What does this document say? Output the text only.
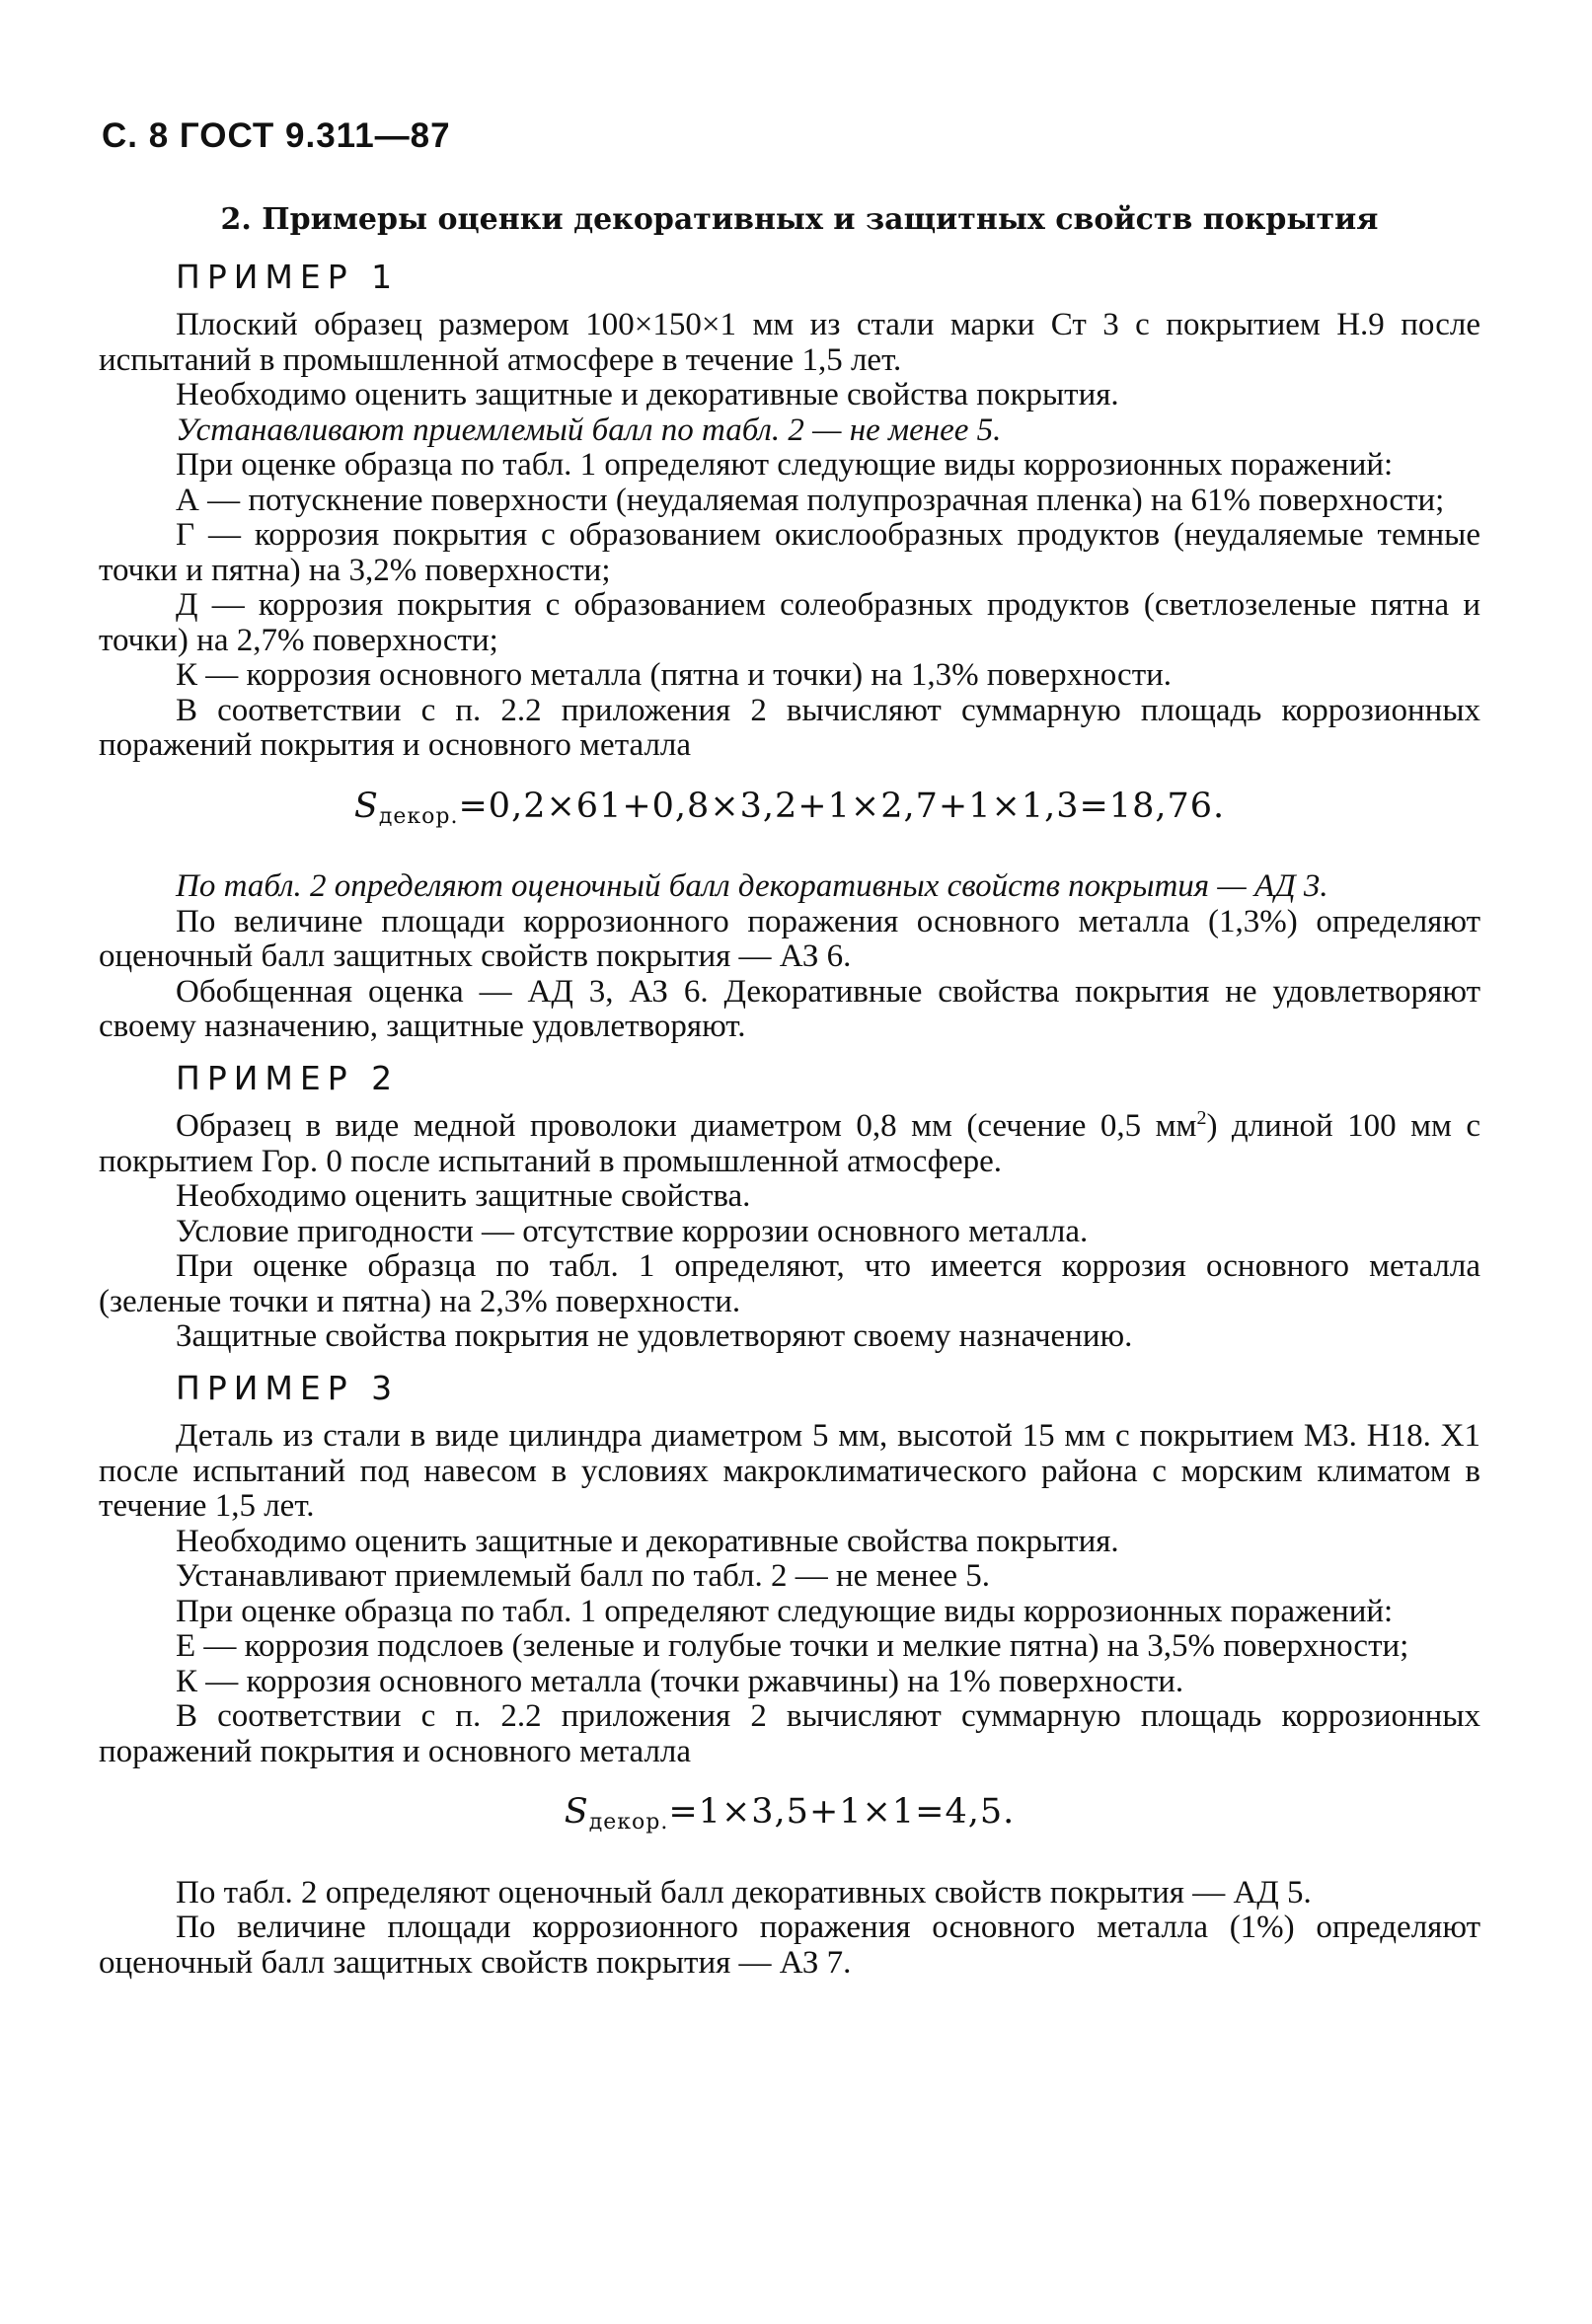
С. 8 ГОСТ 9.311—87
2. Примеры оценки декоративных и защитных свойств покрытия
ПРИМЕР 1

Плоский образец размером 100×150×1 мм из стали марки Ст 3 с покрытием Н.9 после испытаний в промышленной атмосфере в течение 1,5 лет.

Необходимо оценить защитные и декоративные свойства покрытия.

Устанавливают приемлемый балл по табл. 2 — не менее 5.

При оценке образца по табл. 1 определяют следующие виды коррозионных поражений:

А — потускнение поверхности (неудаляемая полупрозрачная пленка) на 61% поверхности;

Г — коррозия покрытия с образованием окислообразных продуктов (неудаляемые темные точки и пятна) на 3,2% поверхности;

Д — коррозия покрытия с образованием солеобразных продуктов (светлозеленые пятна и точки) на 2,7% поверхности;

К — коррозия основного металла (пятна и точки) на 1,3% поверхности.

В соответствии с п. 2.2 приложения 2 вычисляют суммарную площадь коррозионных поражений покрытия и основного металла

$S_{декор.}=0,2\times 61+0,8\times 3,2+1\times 2,7+1\times 1,3=18,76$.

По табл. 2 определяют оценочный балл декоративных свойств покрытия — АД 3.

По величине площади коррозионного поражения основного металла (1,3%) определяют оценочный балл защитных свойств покрытия — АЗ 6.

Обобщенная оценка — АД 3, АЗ 6. Декоративные свойства покрытия не удовлетворяют своему назначению, защитные удовлетворяют.

ПРИМЕР 2

Образец в виде медной проволоки диаметром 0,8 мм (сечение 0,5 $мм^2$) длиной 100 мм с покрытием Гор. 0 после испытаний в промышленной атмосфере.

Необходимо оценить защитные свойства.

Условие пригодности — отсутствие коррозии основного металла.

При оценке образца по табл. 1 определяют, что имеется коррозия основного металла (зеленые точки и пятна) на 2,3% поверхности.

Защитные свойства покрытия не удовлетворяют своему назначению.

ПРИМЕР 3

Деталь из стали в виде цилиндра диаметром 5 мм, высотой 15 мм с покрытием М3. Н18. Х1 после испытаний под навесом в условиях макроклиматического района с морским климатом в течение 1,5 лет.

Необходимо оценить защитные и декоративные свойства покрытия.

Устанавливают приемлемый балл по табл. 2 — не менее 5.

При оценке образца по табл. 1 определяют следующие виды коррозионных поражений:

Е — коррозия подслоев (зеленые и голубые точки и мелкие пятна) на 3,5% поверхности;

К — коррозия основного металла (точки ржавчины) на 1% поверхности.

В соответствии с п. 2.2 приложения 2 вычисляют суммарную площадь коррозионных поражений покрытия и основного металла

$S_{декор.}=1\times 3,5+1\times 1=4,5$.

По табл. 2 определяют оценочный балл декоративных свойств покрытия — АД 5.

По величине площади коррозионного поражения основного металла (1%) определяют оценочный балл защитных свойств покрытия — АЗ 7.
